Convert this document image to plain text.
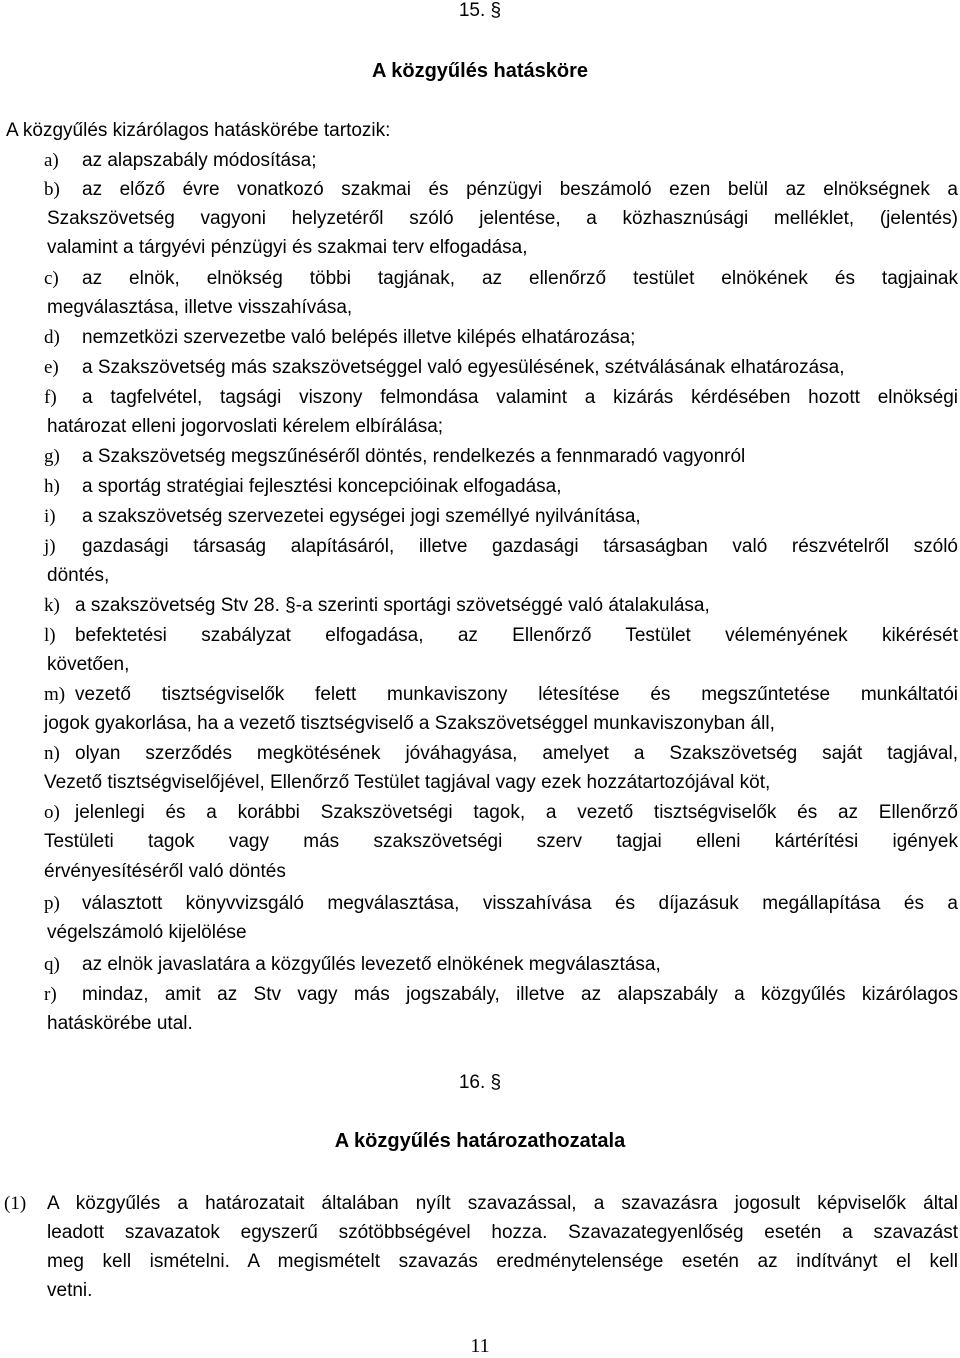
15. §
A közgyűlés hatásköre
A közgyűlés kizárólagos hatáskörébe tartozik:
a) az alapszabály módosítása;
b) az előző évre vonatkozó szakmai és pénzügyi beszámoló ezen belül az elnökségnek a
Szakszövetség vagyoni helyzetéről szóló jelentése, a közhasznúsági melléklet, (jelentés)
valamint a tárgyévi pénzügyi és szakmai terv elfogadása,
c) az elnök, elnökség többi tagjának, az ellenőrző testület elnökének és tagjainak
megválasztása, illetve visszahívása,
d) nemzetközi szervezetbe való belépés illetve kilépés elhatározása;
e) a Szakszövetség más szakszövetséggel való egyesülésének, szétválásának elhatározása,
f) a tagfelvétel, tagsági viszony felmondása valamint a kizárás kérdésében hozott elnökségi
határozat elleni jogorvoslati kérelem elbírálása;
g) a Szakszövetség megszűnéséről döntés, rendelkezés a fennmaradó vagyonról
h) a sportág stratégiai fejlesztési koncepcióinak elfogadása,
i) a szakszövetség szervezetei egységei jogi személlyé nyilvánítása,
j) gazdasági társaság alapításáról, illetve gazdasági társaságban való részvételről szóló
döntés,
k) a szakszövetség Stv 28. §-a szerinti sportági szövetséggé való átalakulása,
l) befektetési szabályzat elfogadása, az Ellenőrző Testület véleményének kikérését
követően,
m) vezető tisztségviselők felett munkaviszony létesítése és megszűntetése munkáltatói
jogok gyakorlása, ha a vezető tisztségviselő a Szakszövetséggel munkaviszonyban áll,
n) olyan szerződés megkötésének jóváhagyása, amelyet a Szakszövetség saját tagjával,
Vezető tisztségviselőjével, Ellenőrző Testület tagjával vagy ezek hozzátartozójával köt,
o) jelenlegi és a korábbi Szakszövetségi tagok, a vezető tisztségviselők és az Ellenőrző
Testületi tagok vagy más szakszövetségi szerv tagjai elleni kártérítési igények
érvényesítéséről való döntés
p) választott könyvvizsgáló megválasztása, visszahívása és díjazásuk megállapítása és a
végelszámoló kijelölése
q) az elnök javaslatára a közgyűlés levezető elnökének megválasztása,
r) mindaz, amit az Stv vagy más jogszabály, illetve az alapszabály a közgyűlés kizárólagos
hatáskörébe utal.
16. §
A közgyűlés határozathozatala
(1) A közgyűlés a határozatait általában nyílt szavazással, a szavazásra jogosult képviselők által
leadott szavazatok egyszerű szótöbbségével hozza. Szavazategyenlőség esetén a szavazást
meg kell ismételni. A megismételt szavazás eredménytelensége esetén az indítványt el kell
vetni.
11
